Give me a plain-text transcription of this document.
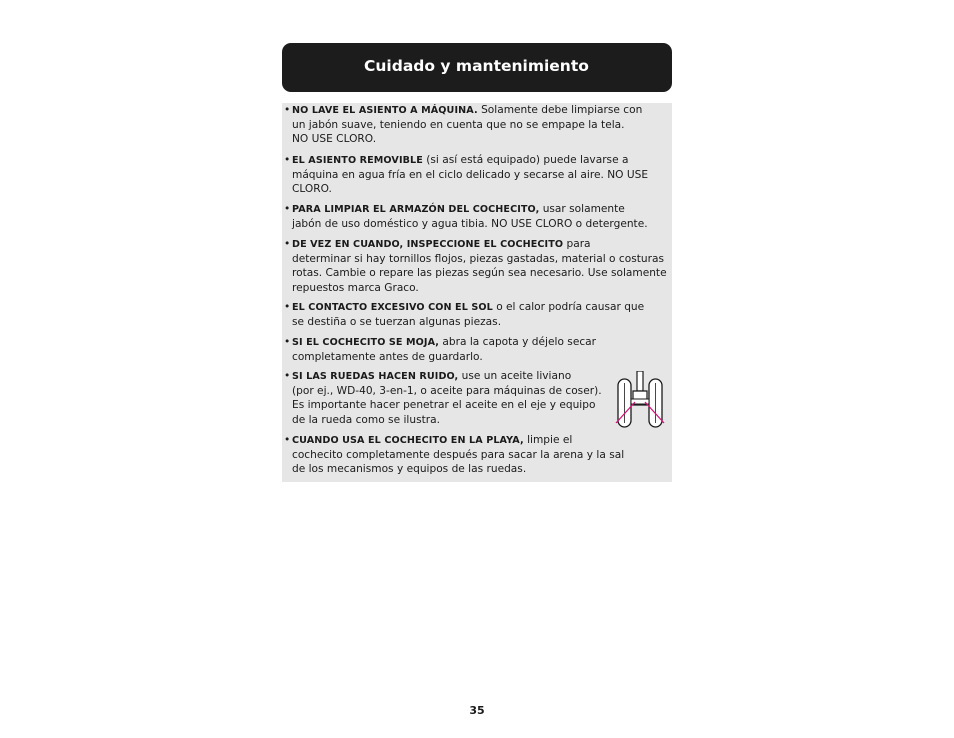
Cuidado y mantenimiento
• NO LAVE EL ASIENTO A MÁQUINA. Solamente debe limpiarse con
un jabón suave, teniendo en cuenta que no se empape la tela.
NO USE CLORO.
• EL ASIENTO REMOVIBLE (si así está equipado) puede lavarse a
máquina en agua fría en el ciclo delicado y secarse al aire. NO USE
CLORO.
• PARA LIMPIAR EL ARMAZÓN DEL COCHECITO, usar solamente
jabón de uso doméstico y agua tibia. NO USE CLORO o detergente.
• DE VEZ EN CUANDO, INSPECCIONE EL COCHECITO para
determinar si hay tornillos flojos, piezas gastadas, material o costuras
rotas. Cambie o repare las piezas según sea necesario. Use solamente
repuestos marca Graco.
• EL CONTACTO EXCESIVO CON EL SOL o el calor podría causar que
se destiña o se tuerzan algunas piezas.
• SI EL COCHECITO SE MOJA, abra la capota y déjelo secar
completamente antes de guardarlo.
• SI LAS RUEDAS HACEN RUIDO, use un aceite liviano
(por ej., WD-40, 3-en-1, o aceite para máquinas de coser).
Es importante hacer penetrar el aceite en el eje y equipo
de la rueda como se ilustra.
• CUANDO USA EL COCHECITO EN LA PLAYA, limpie el
cochecito completamente después para sacar la arena y la sal
de los mecanismos y equipos de las ruedas.
35
